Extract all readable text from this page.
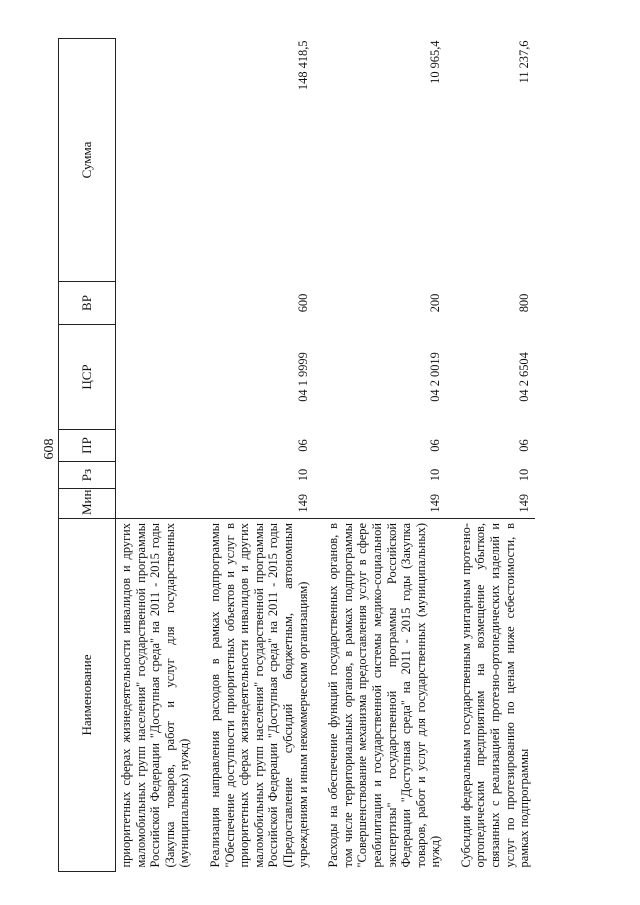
608
Наименование	Мин	Рз	ПР	ЦСР	ВР	Сумма
приоритетных сферах жизнедеятельности инвалидов и других маломобильных групп населения" государственной программы Российской Федерации "Доступная среда" на 2011 - 2015 годы (Закупка товаров, работ и услуг для государственных (муниципальных) нужд)						

Реализация направления расходов в рамках подпрограммы "Обеспечение доступности приоритетных объектов и услуг в приоритетных сферах жизнедеятельности инвалидов и других маломобильных групп населения" государственной программы Российской Федерации "Доступная среда" на 2011 - 2015 годы (Предоставление субсидий бюджетным, автономным учреждениям и иным некоммерческим организациям)	149	10	06	04 1 9999	600	148 418,5

Расходы на обеспечение функций государственных органов, в том числе территориальных органов, в рамках подпрограммы "Совершенствование механизма предоставления услуг в сфере реабилитации и государственной системы медико-социальной экспертизы" государственной программы Российской Федерации "Доступная среда" на 2011 - 2015 годы (Закупка товаров, работ и услуг для государственных (муниципальных) нужд)	149	10	06	04 2 0019	200	10 965,4

Субсидии федеральным государственным унитарным протезно-ортопедическим предприятиям на возмещение убытков, связанных с реализацией протезно-ортопедических изделий и услуг по протезированию по ценам ниже себестоимости, в рамках подпрограммы	149	10	06	04 2 6504	800	11 237,6
